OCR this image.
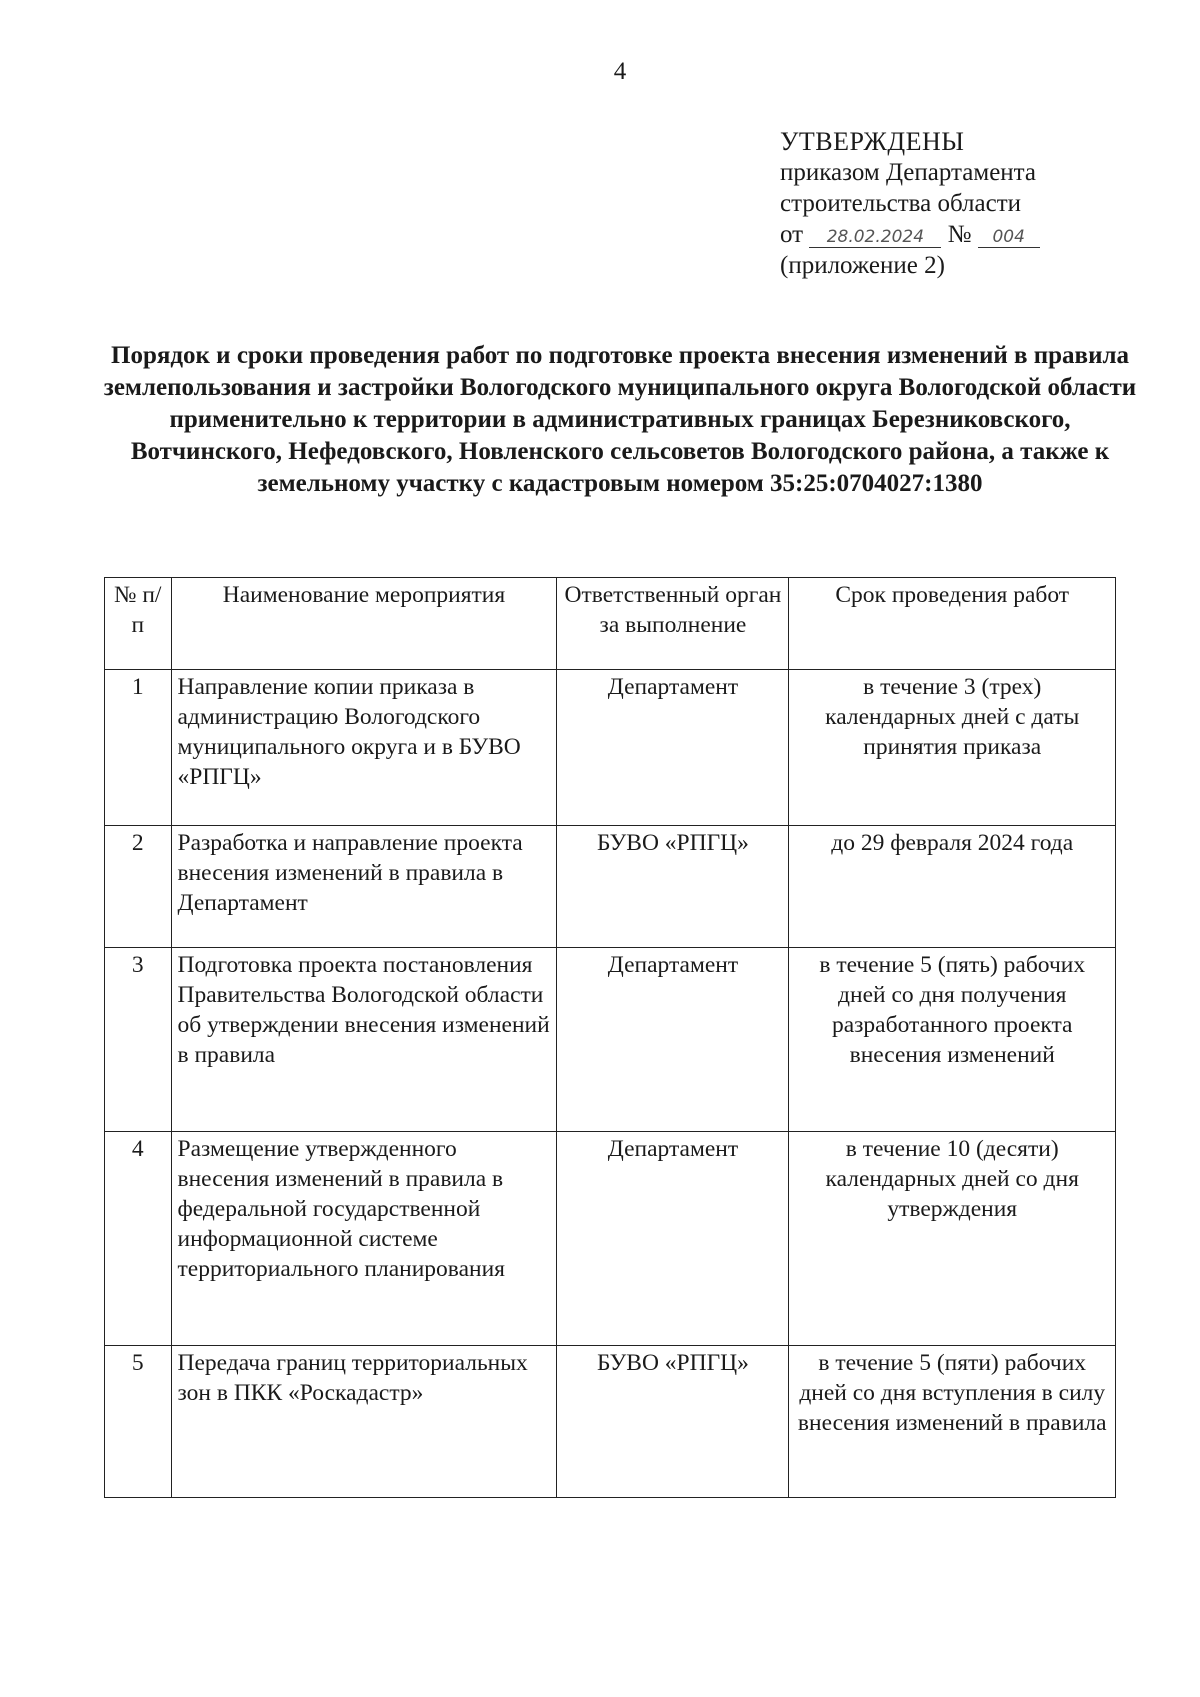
4
УТВЕРЖДЕНЫ
приказом Департамента
строительства области
от 28.02.2024 № 004
(приложение 2)
Порядок и сроки проведения работ по подготовке проекта внесения изменений в правила землепользования и застройки Вологодского муниципального округа Вологодской области применительно к территории в административных границах Березниковского, Вотчинского, Нефедовского, Новленского сельсоветов Вологодского района, а также к земельному участку с кадастровым номером 35:25:0704027:1380
№ п/п	Наименование мероприятия	Ответственный орган за выполнение	Срок проведения работ
1	Направление копии приказа в администрацию Вологодского муниципального округа и в БУВО «РПГЦ»	Департамент	в течение 3 (трех) календарных дней с даты принятия приказа
2	Разработка и направление проекта внесения изменений в правила в Департамент	БУВО «РПГЦ»	до 29 февраля 2024 года
3	Подготовка проекта постановления Правительства Вологодской области об утверждении внесения изменений в правила	Департамент	в течение 5 (пять) рабочих дней со дня получения разработанного проекта внесения изменений
4	Размещение утвержденного внесения изменений в правила в федеральной государственной информационной системе территориального планирования	Департамент	в течение 10 (десяти) календарных дней со дня утверждения
5	Передача границ территориальных зон в ПКК «Роскадастр»	БУВО «РПГЦ»	в течение 5 (пяти) рабочих дней со дня вступления в силу внесения изменений в правила
